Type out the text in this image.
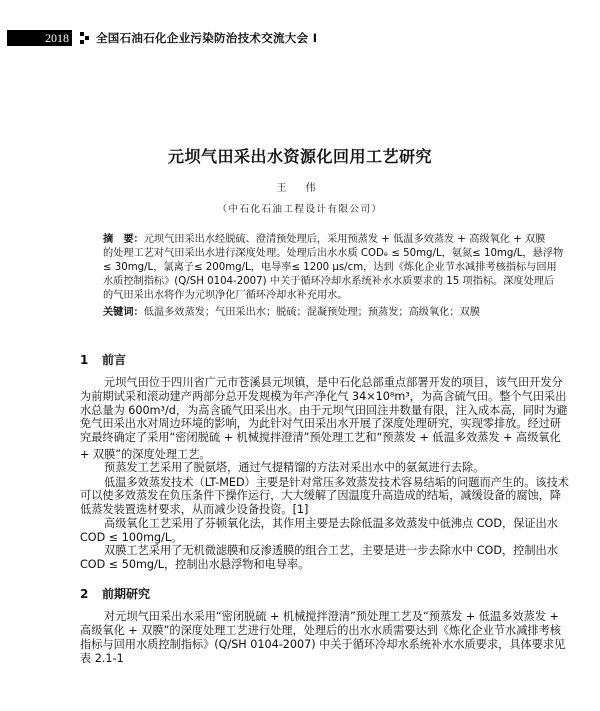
2018 全国石油石化企业污染防治技术交流大会 I
元坝气田采出水资源化回用工艺研究
王 伟
（中石化石油工程设计有限公司）
摘　要：元坝气田采出水经脱硫、澄清预处理后，采用预蒸发 + 低温多效蒸发 + 高级氧化 + 双膜
的处理工艺对气田采出水进行深度处理。处理后出水水质 CODₑ ≤ 50mg/L，氨氮≤ 10mg/L，悬浮物
≤ 30mg/L，氯离子≤ 200mg/L，电导率≤ 1200 μs/cm，达到《炼化企业节水减排考核指标与回用
水质控制指标》(Q/SH 0104-2007) 中关于循环冷却水系统补水水质要求的 15 项指标。深度处理后
的气田采出水将作为元坝净化厂循环冷却水补充用水。
关键词：低温多效蒸发；气田采出水；脱硫；混凝预处理；预蒸发；高级氧化；双膜
1 前言
元坝气田位于四川省广元市苍溪县元坝镇，是中石化总部重点部署开发的项目，该气田开发分
为前期试采和滚动建产两部分总开发规模为年产净化气 34×10⁸m³，为高含硫气田。整个气田采出
水总量为 600m³/d，为高含硫气田采出水。由于元坝气田回注井数量有限，注入成本高，同时为避
免气田采出水对周边环境的影响，为此针对气田采出水开展了深度处理研究，实现零排放。经过研
究最终确定了采用“密闭脱硫 + 机械搅拌澄清”预处理工艺和“预蒸发 + 低温多效蒸发 + 高级氧化
+ 双膜”的深度处理工艺。
预蒸发工艺采用了脱氨塔，通过气提精馏的方法对采出水中的氨氮进行去除。
低温多效蒸发技术（LT-MED）主要是针对常压多效蒸发技术容易结垢的问题而产生的。该技术
可以使多效蒸发在负压条件下操作运行，大大缓解了因温度升高造成的结垢，减缓设备的腐蚀，降
低蒸发装置选材要求，从而减少设备投资。[1]
高级氧化工艺采用了芬顿氧化法，其作用主要是去除低温多效蒸发中低沸点 COD，保证出水
COD ≤ 100mg/L。
双膜工艺采用了无机微滤膜和反渗透膜的组合工艺，主要是进一步去除水中 COD，控制出水
COD ≤ 50mg/L，控制出水悬浮物和电导率。
2 前期研究
对元坝气田采出水采用“密闭脱硫 + 机械搅拌澄清”预处理工艺及“预蒸发 + 低温多效蒸发 +
高级氧化 + 双膜”的深度处理工艺进行处理，处理后的出水水质需要达到《炼化企业节水减排考核
指标与回用水质控制指标》(Q/SH 0104-2007) 中关于循环冷却水系统补水水质要求，具体要求见
表 2.1-1
